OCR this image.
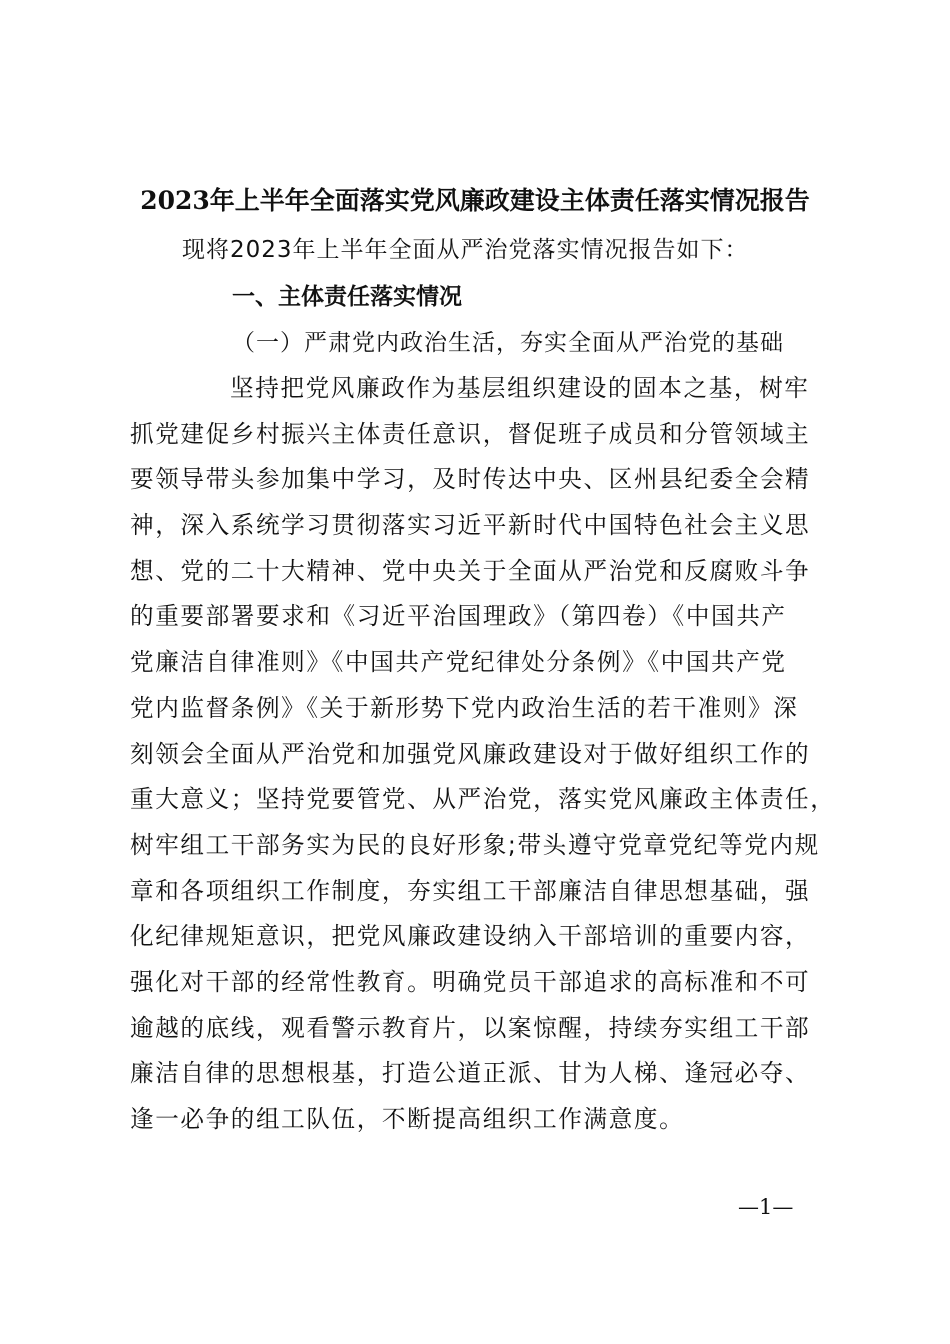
2023年上半年全面落实党风廉政建设主体责任落实情况报告
现将2023年上半年全面从严治党落实情况报告如下：
一、主体责任落实情况
（一）严肃党内政治生活，夯实全面从严治党的基础
坚持把党风廉政作为基层组织建设的固本之基，树牢
抓党建促乡村振兴主体责任意识，督促班子成员和分管领域主
要领导带头参加集中学习，及时传达中央、区州县纪委全会精
神，深入系统学习贯彻落实习近平新时代中国特色社会主义思
想、党的二十大精神、党中央关于全面从严治党和反腐败斗争
的重要部署要求和《习近平治国理政》（第四卷）《中国共产
党廉洁自律准则》《中国共产党纪律处分条例》《中国共产党
党内监督条例》《关于新形势下党内政治生活的若干准则》深
刻领会全面从严治党和加强党风廉政建设对于做好组织工作的
重大意义；坚持党要管党、从严治党，落实党风廉政主体责任，
树牢组工干部务实为民的良好形象;带头遵守党章党纪等党内规
章和各项组织工作制度，夯实组工干部廉洁自律思想基础，强
化纪律规矩意识，把党风廉政建设纳入干部培训的重要内容，
强化对干部的经常性教育。明确党员干部追求的高标准和不可
逾越的底线，观看警示教育片，以案惊醒，持续夯实组工干部
廉洁自律的思想根基，打造公道正派、甘为人梯、逢冠必夺、
逢一必争的组工队伍，不断提高组织工作满意度。
—1—
